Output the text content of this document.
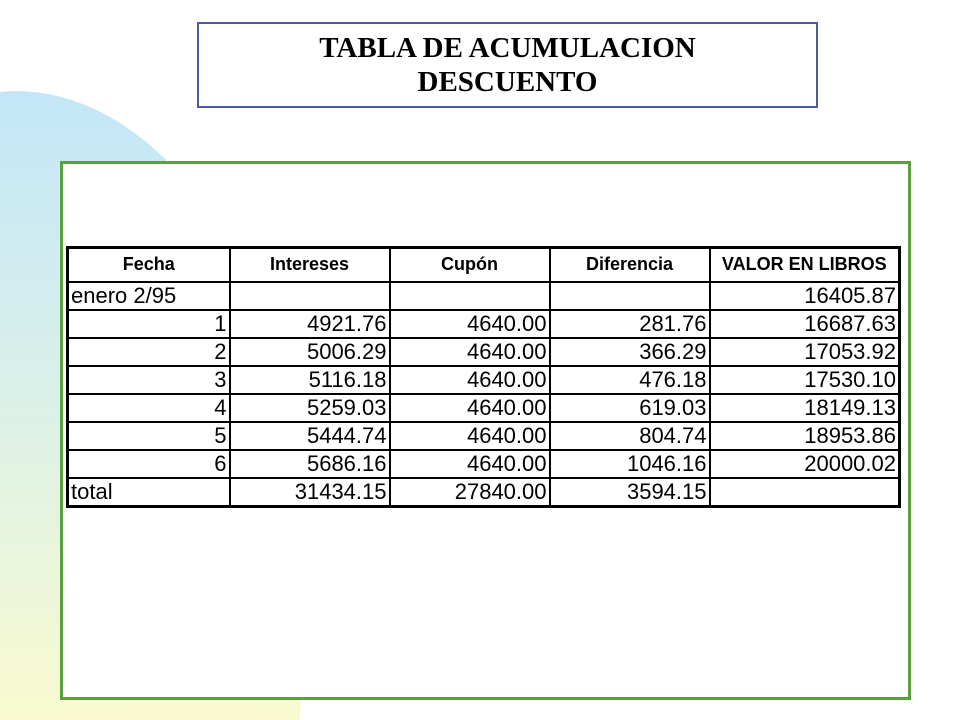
TABLA DE ACUMULACION
DESCUENTO
Fecha	Intereses	Cupón	Diferencia	VALOR EN LIBROS
enero 2/95				16405.87
1	4921.76	4640.00	281.76	16687.63
2	5006.29	4640.00	366.29	17053.92
3	5116.18	4640.00	476.18	17530.10
4	5259.03	4640.00	619.03	18149.13
5	5444.74	4640.00	804.74	18953.86
6	5686.16	4640.00	1046.16	20000.02
total	31434.15	27840.00	3594.15	
